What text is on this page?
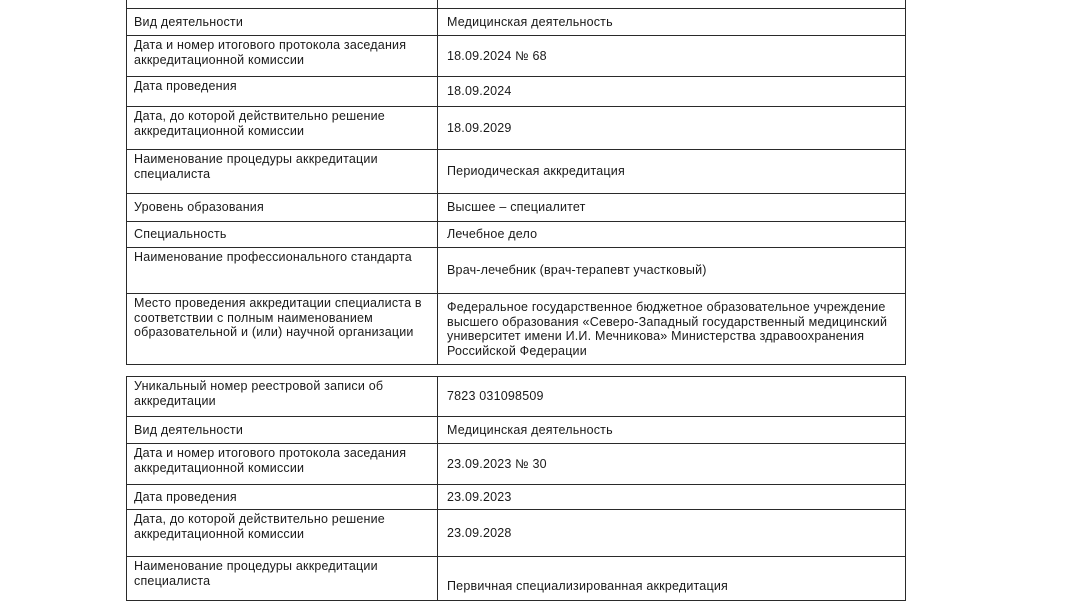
Вид деятельности	Медицинская деятельность
Дата и номер итогового протокола заседания аккредитационной комиссии	18.09.2024 № 68
Дата проведения	18.09.2024
Дата, до которой действительно решение аккредитационной комиссии	18.09.2029
Наименование процедуры аккредитации специалиста	Периодическая аккредитация
Уровень образования	Высшее – специалитет
Специальность	Лечебное дело
Наименование профессионального стандарта	Врач-лечебник (врач-терапевт участковый)
Место проведения аккредитации специалиста в соответствии с полным наименованием образовательной и (или) научной организации	Федеральное государственное бюджетное образовательное учреждение высшего образования «Северо-Западный государственный медицинский университет имени И.И. Мечникова» Министерства здравоохранения Российской Федерации
Уникальный номер реестровой записи об аккредитации	7823 031098509
Вид деятельности	Медицинская деятельность
Дата и номер итогового протокола заседания аккредитационной комиссии	23.09.2023 № 30
Дата проведения	23.09.2023
Дата, до которой действительно решение аккредитационной комиссии	23.09.2028
Наименование процедуры аккредитации специалиста	Первичная специализированная аккредитация
